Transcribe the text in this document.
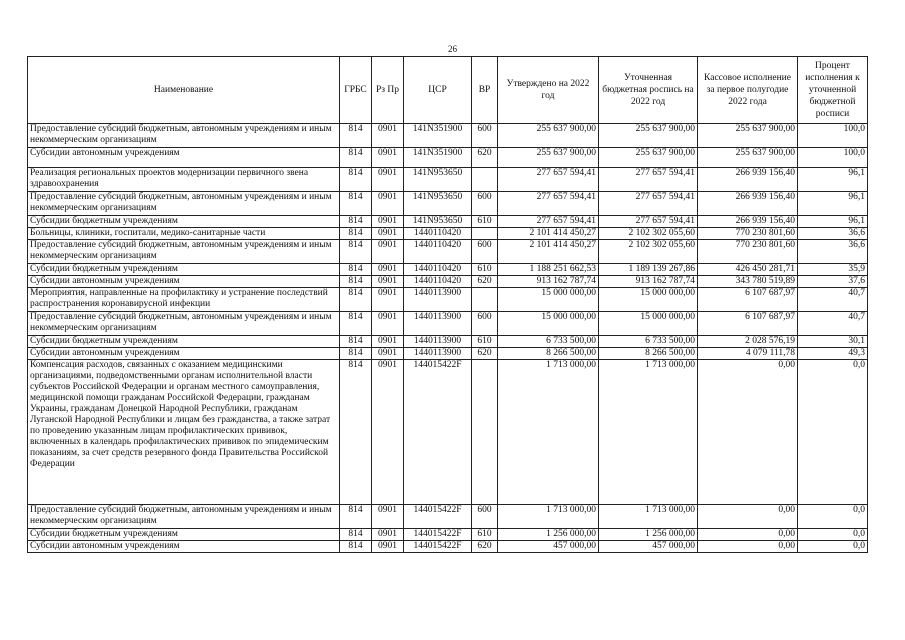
26
Наименование	ГРБС	Рз Пр	ЦСР	ВР	Утверждено на 2022 год	Уточненная бюджетная роспись на 2022 год	Кассовое исполнение за первое полугодие 2022 года	Процент исполнения к уточненной бюджетной росписи
Предоставление субсидий бюджетным, автономным учреждениям и иным некоммерческим организациям	814	0901	141N351900	600	255 637 900,00	255 637 900,00	255 637 900,00	100,0
Субсидии автономным учреждениям	814	0901	141N351900	620	255 637 900,00	255 637 900,00	255 637 900,00	100,0
Реализация региональных проектов модернизации первичного звена здравоохранения	814	0901	141N953650		277 657 594,41	277 657 594,41	266 939 156,40	96,1
Предоставление субсидий бюджетным, автономным учреждениям и иным некоммерческим организациям	814	0901	141N953650	600	277 657 594,41	277 657 594,41	266 939 156,40	96,1
Субсидии бюджетным учреждениям	814	0901	141N953650	610	277 657 594,41	277 657 594,41	266 939 156,40	96,1
Больницы, клиники, госпитали, медико-санитарные части	814	0901	1440110420		2 101 414 450,27	2 102 302 055,60	770 230 801,60	36,6
Предоставление субсидий бюджетным, автономным учреждениям и иным некоммерческим организациям	814	0901	1440110420	600	2 101 414 450,27	2 102 302 055,60	770 230 801,60	36,6
Субсидии бюджетным учреждениям	814	0901	1440110420	610	1 188 251 662,53	1 189 139 267,86	426 450 281,71	35,9
Субсидии автономным учреждениям	814	0901	1440110420	620	913 162 787,74	913 162 787,74	343 780 519,89	37,6
Мероприятия, направленные на профилактику и устранение последствий распространения коронавирусной инфекции	814	0901	1440113900		15 000 000,00	15 000 000,00	6 107 687,97	40,7
Предоставление субсидий бюджетным, автономным учреждениям и иным некоммерческим организациям	814	0901	1440113900	600	15 000 000,00	15 000 000,00	6 107 687,97	40,7
Субсидии бюджетным учреждениям	814	0901	1440113900	610	6 733 500,00	6 733 500,00	2 028 576,19	30,1
Субсидии автономным учреждениям	814	0901	1440113900	620	8 266 500,00	8 266 500,00	4 079 111,78	49,3
Компенсация расходов, связанных с оказанием медицинскими организациями, подведомственными органам исполнительной власти субъектов Российской Федерации и органам местного самоуправления, медицинской помощи гражданам Российской Федерации, гражданам Украины, гражданам Донецкой Народной Республики, гражданам Луганской Народной Республики и лицам без гражданства, а также затрат по проведению указанным лицам профилактических прививок, включенных в календарь профилактических прививок по эпидемическим показаниям, за счет средств резервного фонда Правительства Российской Федерации	814	0901	144015422F		1 713 000,00	1 713 000,00	0,00	0,0
Предоставление субсидий бюджетным, автономным учреждениям и иным некоммерческим организациям	814	0901	144015422F	600	1 713 000,00	1 713 000,00	0,00	0,0
Субсидии бюджетным учреждениям	814	0901	144015422F	610	1 256 000,00	1 256 000,00	0,00	0,0
Субсидии автономным учреждениям	814	0901	144015422F	620	457 000,00	457 000,00	0,00	0,0
